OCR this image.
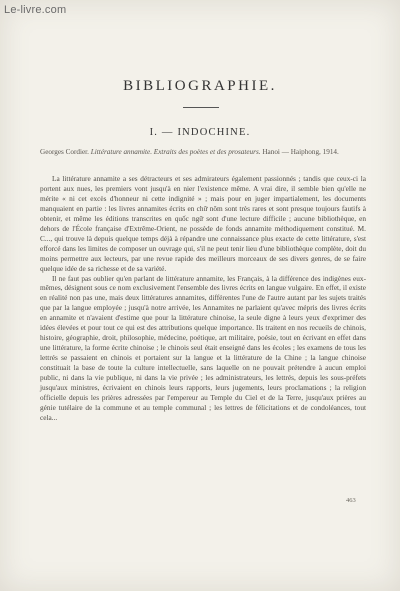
Le-livre.com
BIBLIOGRAPHIE.
I. — INDOCHINE.
Georges Cordier. Littérature annamite. Extraits des poètes et des prosateurs. Hanoi — Haiphong, 1914.

La littérature annamite a ses détracteurs et ses admirateurs également passionnés ; tandis que ceux-ci la portent aux nues, les premiers vont jusqu'à en nier l'existence même. A vrai dire, il semble bien qu'elle ne mérite « ni cet excès d'honneur ni cette indignité » ; mais pour en juger impartialement, les documents manquaient en partie : les livres annamites écrits en chữ nôm sont très rares et sont presque toujours fautifs à obtenir, et même les éditions transcrites en quốc ngữ sont d'une lecture difficile ; aucune bibliothèque, en dehors de l'École française d'Extrême-Orient, ne possède de fonds annamite méthodiquement constitué. M. C..., qui trouve là depuis quelque temps déjà à répandre une connaissance plus exacte de cette littérature, s'est efforcé dans les limites de composer un ouvrage qui, s'il ne peut tenir lieu d'une bibliothèque complète, doit du moins permettre aux lecteurs, par une revue rapide des meilleurs morceaux de ses divers genres, de se faire quelque idée de sa richesse et de sa variété.

Il ne faut pas oublier qu'en parlant de littérature annamite, les Français, à la différence des indigènes eux-mêmes, désignent sous ce nom exclusivement l'ensemble des livres écrits en langue vulgaire. En effet, il existe en réalité non pas une, mais deux littératures annamites, différentes l'une de l'autre autant par les sujets traités que par la langue employée ; jusqu'à notre arrivée, les Annamites ne parlaient qu'avec mépris des livres écrits en annamite et n'avaient d'estime que pour la littérature chinoise, la seule digne à leurs yeux d'exprimer des idées élevées et pour tout ce qui est des attributions quelque importance. Ils traitent en nos recueils de chinois, histoire, géographie, droit, philosophie, médecine, poétique, art militaire, poésie, tout en écrivant en effet dans une littérature, la forme écrite chinoise ; le chinois seul était enseigné dans les écoles ; les examens de tous les lettrés se passaient en chinois et portaient sur la langue et la littérature de la Chine ; la langue chinoise constituait la base de toute la culture intellectuelle, sans laquelle on ne pouvait prétendre à aucun emploi public, ni dans la vie publique, ni dans la vie privée ; les administrateurs, les lettrés, depuis les sous-préfets jusqu'aux ministres, écrivaient en chinois leurs rapports, leurs jugements, leurs proclamations ; la religion officielle depuis les prières adressées par l'empereur au Temple du Ciel et de la Terre, jusqu'aux prières au génie tutélaire de la commune et au temple communal ; les lettres de félicitations et de condoléances, tout cela...

463
